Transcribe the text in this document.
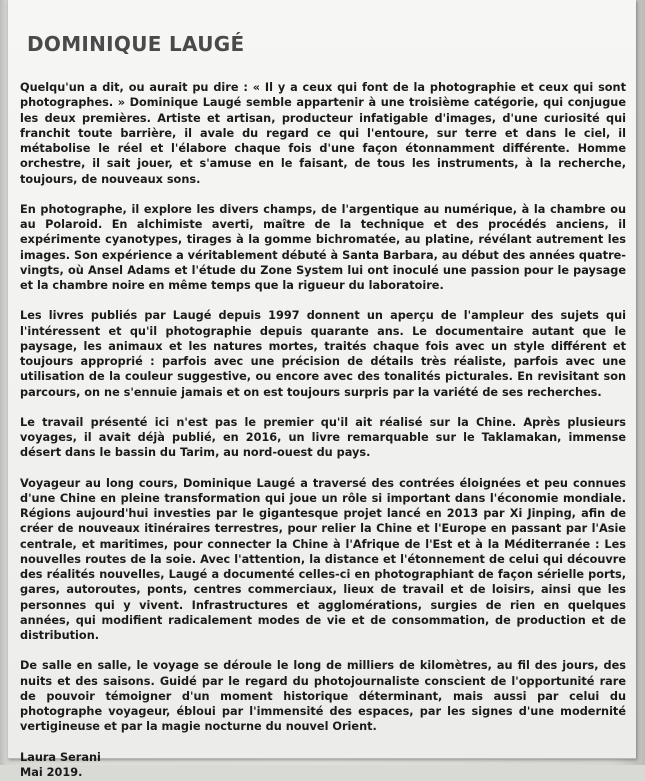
DOMINIQUE LAUGÉ

Quelqu'un a dit, ou aurait pu dire : « Il y a ceux qui font de la photographie et ceux qui sont photographes. » Dominique Laugé semble appartenir à une troisième catégorie, qui conjugue les deux premières. Artiste et artisan, producteur infatigable d'images, d'une curiosité qui franchit toute barrière, il avale du regard ce qui l'entoure, sur terre et dans le ciel, il métabolise le réel et l'élabore chaque fois d'une façon étonnamment différente. Homme orchestre, il sait jouer, et s'amuse en le faisant, de tous les instruments, à la recherche, toujours, de nouveaux sons.

En photographe, il explore les divers champs, de l'argentique au numérique, à la chambre ou au Polaroid. En alchimiste averti, maître de la technique et des procédés anciens, il expérimente cyanotypes, tirages à la gomme bichromatée, au platine, révélant autrement les images. Son expérience a véritablement débuté à Santa Barbara, au début des années quatre-vingts, où Ansel Adams et l'étude du Zone System lui ont inoculé une passion pour le paysage et la chambre noire en même temps que la rigueur du laboratoire.

Les livres publiés par Laugé depuis 1997 donnent un aperçu de l'ampleur des sujets qui l'intéressent et qu'il photographie depuis quarante ans. Le documentaire autant que le paysage, les animaux et les natures mortes, traités chaque fois avec un style différent et toujours approprié : parfois avec une précision de détails très réaliste, parfois avec une utilisation de la couleur suggestive, ou encore avec des tonalités picturales. En revisitant son parcours, on ne s'ennuie jamais et on est toujours surpris par la variété de ses recherches.

Le travail présenté ici n'est pas le premier qu'il ait réalisé sur la Chine. Après plusieurs voyages, il avait déjà publié, en 2016, un livre remarquable sur le Taklamakan, immense désert dans le bassin du Tarim, au nord-ouest du pays.

Voyageur au long cours, Dominique Laugé a traversé des contrées éloignées et peu connues d'une Chine en pleine transformation qui joue un rôle si important dans l'économie mondiale. Régions aujourd'hui investies par le gigantesque projet lancé en 2013 par Xi Jinping, afin de créer de nouveaux itinéraires terrestres, pour relier la Chine et l'Europe en passant par l'Asie centrale, et maritimes, pour connecter la Chine à l'Afrique de l'Est et à la Méditerranée : Les nouvelles routes de la soie. Avec l'attention, la distance et l'étonnement de celui qui découvre des réalités nouvelles, Laugé a documenté celles-ci en photographiant de façon sérielle ports, gares, autoroutes, ponts, centres commerciaux, lieux de travail et de loisirs, ainsi que les personnes qui y vivent. Infrastructures et agglomérations, surgies de rien en quelques années, qui modifient radicalement modes de vie et de consommation, de production et de distribution.

De salle en salle, le voyage se déroule le long de milliers de kilomètres, au fil des jours, des nuits et des saisons. Guidé par le regard du photojournaliste conscient de l'opportunité rare de pouvoir témoigner d'un moment historique déterminant, mais aussi par celui du photographe voyageur, ébloui par l'immensité des espaces, par les signes d'une modernité vertigineuse et par la magie nocturne du nouvel Orient.

Laura Serani
Mai 2019.
